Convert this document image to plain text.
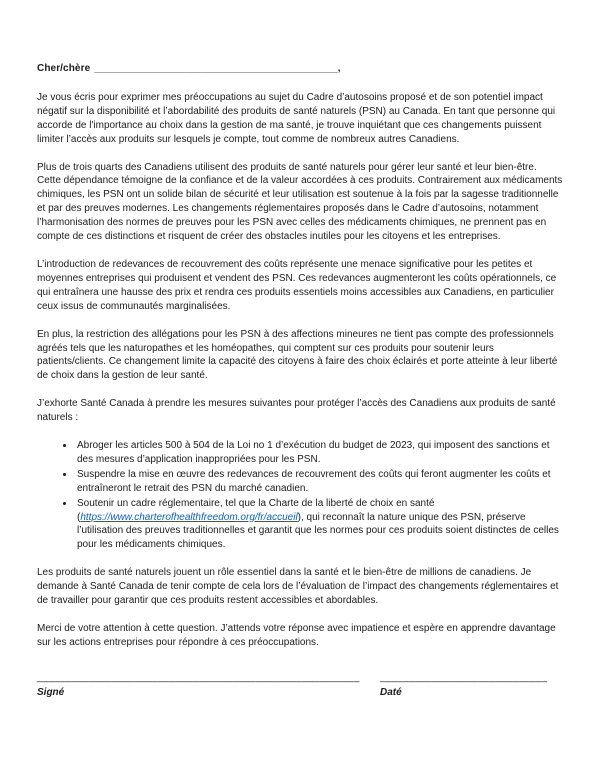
Cher/chère ___________________________________________,

Je vous écris pour exprimer mes préoccupations au sujet du Cadre d’autosoins proposé et de son potentiel impact négatif sur la disponibilité et l’abordabilité des produits de santé naturels (PSN) au Canada. En tant que personne qui accorde de l'importance au choix dans la gestion de ma santé, je trouve inquiétant que ces changements puissent limiter l’accès aux produits sur lesquels je compte, tout comme de nombreux autres Canadiens.

Plus de trois quarts des Canadiens utilisent des produits de santé naturels pour gérer leur santé et leur bien-être. Cette dépendance témoigne de la confiance et de la valeur accordées à ces produits. Contrairement aux médicaments chimiques, les PSN ont un solide bilan de sécurité et leur utilisation est soutenue à la fois par la sagesse traditionnelle et par des preuves modernes. Les changements réglementaires proposés dans le Cadre d’autosoins, notamment l’harmonisation des normes de preuves pour les PSN avec celles des médicaments chimiques, ne prennent pas en compte de ces distinctions et risquent de créer des obstacles inutiles pour les citoyens et les entreprises.

L’introduction de redevances de recouvrement des coûts représente une menace significative pour les petites et moyennes entreprises qui produisent et vendent des PSN. Ces redevances augmenteront les coûts opérationnels, ce qui entraînera une hausse des prix et rendra ces produits essentiels moins accessibles aux Canadiens, en particulier ceux issus de communautés marginalisées.

En plus, la restriction des allégations pour les PSN à des affections mineures ne tient pas compte des professionnels agréés tels que les naturopathes et les homéopathes, qui comptent sur ces produits pour soutenir leurs patients/clients. Ce changement limite la capacité des citoyens à faire des choix éclairés et porte atteinte à leur liberté de choix dans la gestion de leur santé.

J’exhorte Santé Canada à prendre les mesures suivantes pour protéger l’accès des Canadiens aux produits de santé naturels :

• Abroger les articles 500 à 504 de la Loi no 1 d’exécution du budget de 2023, qui imposent des sanctions et des mesures d’application inappropriées pour les PSN.
• Suspendre la mise en œuvre des redevances de recouvrement des coûts qui feront augmenter les coûts et entraîneront le retrait des PSN du marché canadien.
• Soutenir un cadre réglementaire, tel que la Charte de la liberté de choix en santé (https://www.charterofhealthfreedom.org/fr/accueil), qui reconnaît la nature unique des PSN, préserve l’utilisation des preuves traditionnelles et garantit que les normes pour ces produits soient distinctes de celles pour les médicaments chimiques.

Les produits de santé naturels jouent un rôle essentiel dans la santé et le bien-être de millions de canadiens. Je demande à Santé Canada de tenir compte de cela lors de l’évaluation de l’impact des changements réglementaires et de travailler pour garantir que ces produits restent accessibles et abordables.

Merci de votre attention à cette question. J’attends votre réponse avec impatience et espère en apprendre davantage sur les actions entreprises pour répondre à ces préoccupations.

________________________________________________________
Signé
_____________________________
Daté
